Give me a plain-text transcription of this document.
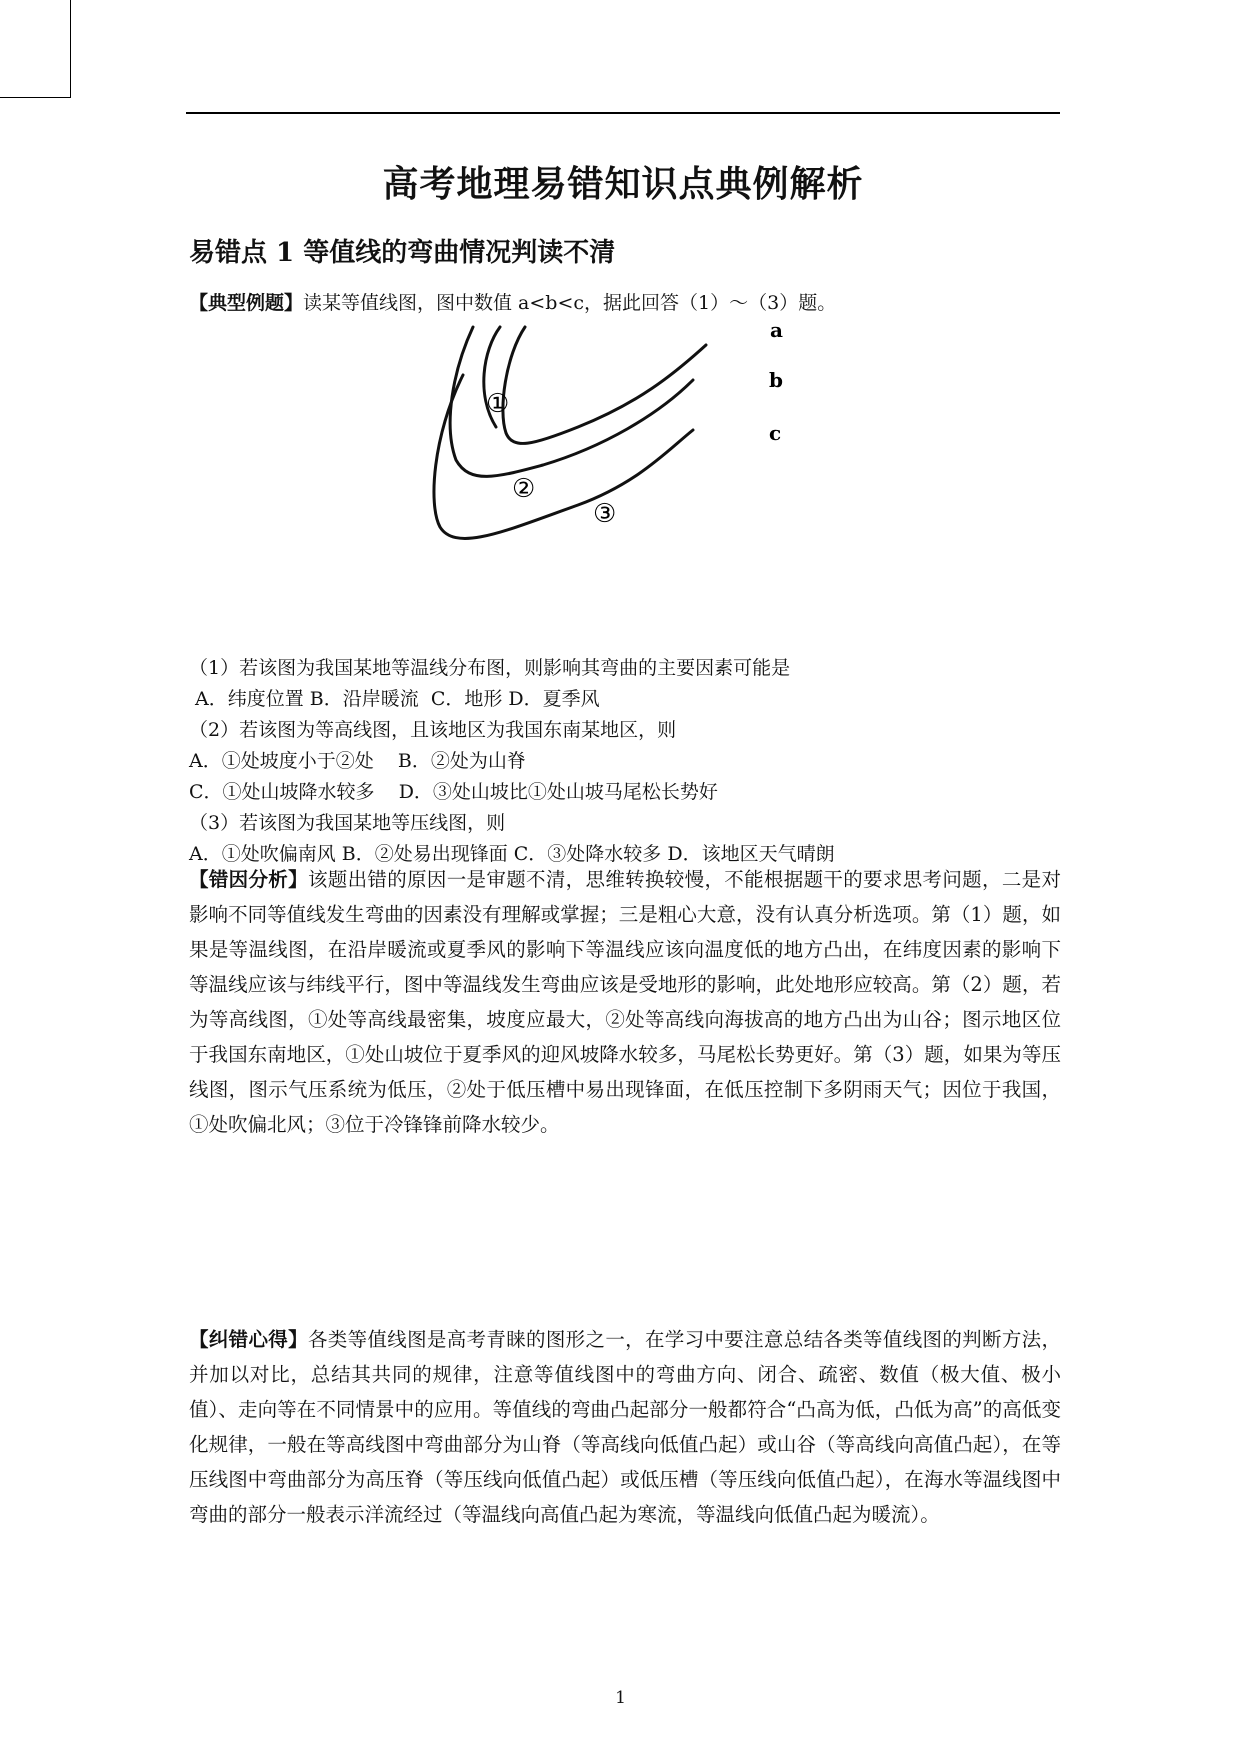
高考地理易错知识点典例解析
易错点 1 等值线的弯曲情况判读不清
【典型例题】读某等值线图，图中数值 a<b<c，据此回答（1）～（3）题。
a
b
c
①
②
③
（1）若该图为我国某地等温线分布图，则影响其弯曲的主要因素可能是
A．纬度位置 B．沿岸暖流  C．地形 D．夏季风
（2）若该图为等高线图，且该地区为我国东南某地区，则
A．①处坡度小于②处    B．②处为山脊
C．①处山坡降水较多    D．③处山坡比①处山坡马尾松长势好
（3）若该图为我国某地等压线图，则
A．①处吹偏南风 B．②处易出现锋面 C．③处降水较多 D．该地区天气晴朗
【错因分析】该题出错的原因一是审题不清，思维转换较慢，不能根据题干的要求思考问题，二是对影响不同等值线发生弯曲的因素没有理解或掌握；三是粗心大意，没有认真分析选项。第（1）题，如果是等温线图，在沿岸暖流或夏季风的影响下等温线应该向温度低的地方凸出，在纬度因素的影响下等温线应该与纬线平行，图中等温线发生弯曲应该是受地形的影响，此处地形应较高。第（2）题，若为等高线图，①处等高线最密集，坡度应最大，②处等高线向海拔高的地方凸出为山谷；图示地区位于我国东南地区，①处山坡位于夏季风的迎风坡降水较多，马尾松长势更好。第（3）题，如果为等压线图，图示气压系统为低压，②处于低压槽中易出现锋面，在低压控制下多阴雨天气；因位于我国，①处吹偏北风；③位于冷锋锋前降水较少。
【纠错心得】各类等值线图是高考青睐的图形之一，在学习中要注意总结各类等值线图的判断方法，并加以对比，总结其共同的规律，注意等值线图中的弯曲方向、闭合、疏密、数值（极大值、极小值）、走向等在不同情景中的应用。等值线的弯曲凸起部分一般都符合“凸高为低，凸低为高”的高低变化规律，一般在等高线图中弯曲部分为山脊（等高线向低值凸起）或山谷（等高线向高值凸起），在等压线图中弯曲部分为高压脊（等压线向低值凸起）或低压槽（等压线向低值凸起），在海水等温线图中弯曲的部分一般表示洋流经过（等温线向高值凸起为寒流，等温线向低值凸起为暖流）。
1
